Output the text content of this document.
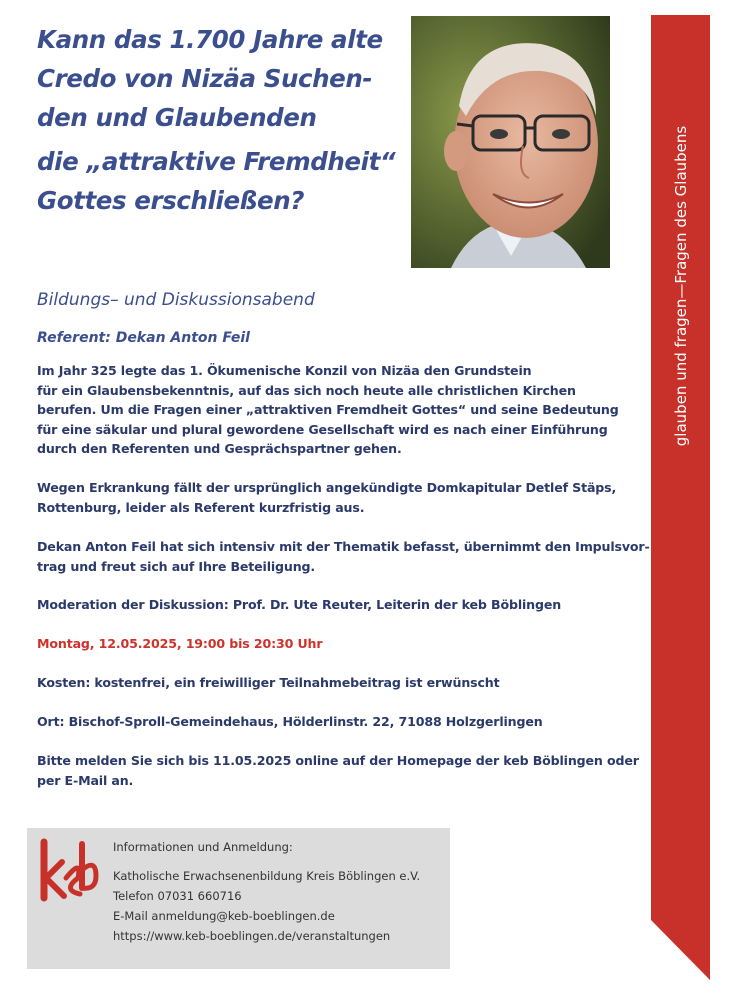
Kann das 1.700 Jahre alte
Credo von Nizäa Suchen-
den und Glaubenden
die „attraktive Fremdheit“
Gottes erschließen?	glauben und fragen—Fragen des Glaubens
Bildungs– und Diskussionsabend
Referent: Dekan Anton Feil
Im Jahr 325 legte das 1. Ökumenische Konzil von Nizäa den Grundstein
für ein Glaubensbekenntnis, auf das sich noch heute alle christlichen Kirchen
berufen. Um die Fragen einer „attraktiven Fremdheit Gottes“ und seine Bedeutung
für eine säkular und plural gewordene Gesellschaft wird es nach einer Einführung
durch den Referenten und Gesprächspartner gehen.
Wegen Erkrankung fällt der ursprünglich angekündigte Domkapitular Detlef Stäps,
Rottenburg, leider als Referent kurzfristig aus.
Dekan Anton Feil hat sich intensiv mit der Thematik befasst, übernimmt den Impulsvor-
trag und freut sich auf Ihre Beteiligung.
Moderation der Diskussion: Prof. Dr. Ute Reuter, Leiterin der keb Böblingen
Montag, 12.05.2025, 19:00 bis 20:30 Uhr
Kosten: kostenfrei, ein freiwilliger Teilnahmebeitrag ist erwünscht
Ort: Bischof-Sproll-Gemeindehaus, Hölderlinstr. 22, 71088 Holzgerlingen
Bitte melden Sie sich bis 11.05.2025 online auf der Homepage der keb Böblingen oder
per E-Mail an.
Informationen und Anmeldung:
Katholische Erwachsenenbildung Kreis Böblingen e.V.
Telefon 07031 660716
E-Mail anmeldung@keb-boeblingen.de
https://www.keb-boeblingen.de/veranstaltungen
